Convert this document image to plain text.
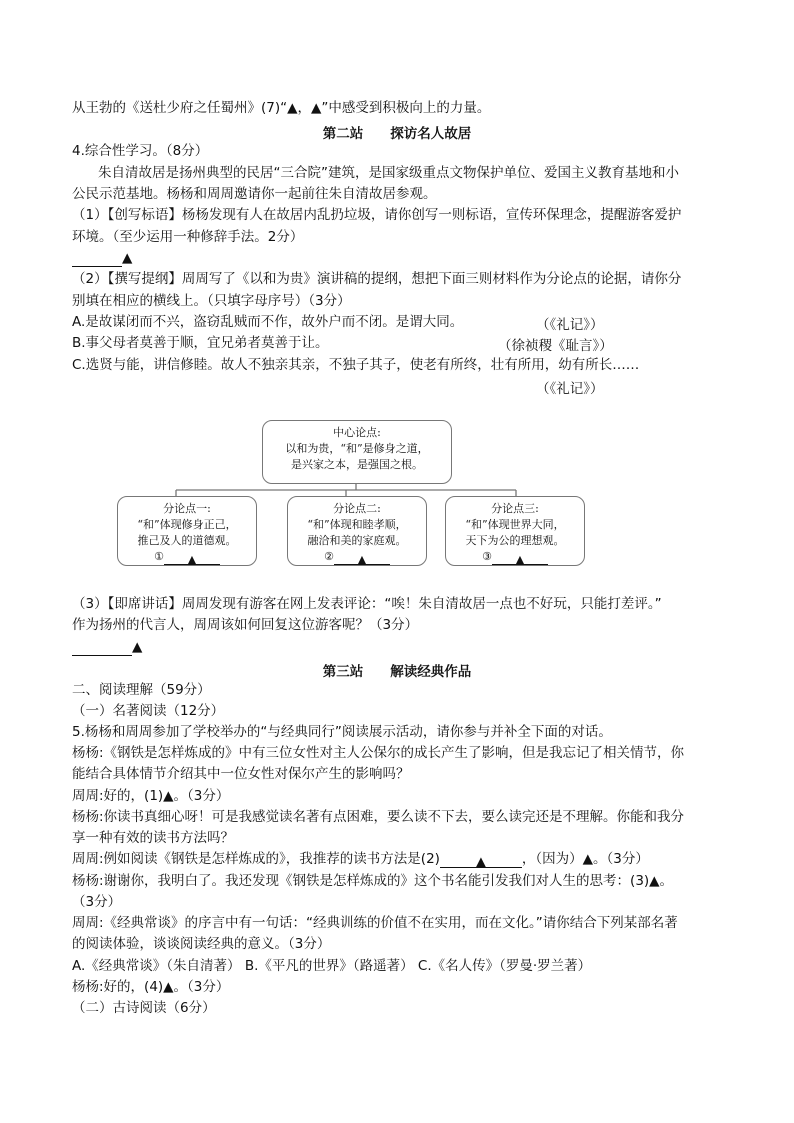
从王勃的《送杜少府之任蜀州》(7)“▲，▲”中感受到积极向上的力量。
第二站　　探访名人故居
4.综合性学习。（8分）
朱自清故居是扬州典型的民居“三合院”建筑，是国家级重点文物保护单位、爱国主义教育基地和小
公民示范基地。杨杨和周周邀请你一起前往朱自清故居参观。
（1）【创写标语】杨杨发现有人在故居内乱扔垃圾，请你创写一则标语，宣传环保理念，提醒游客爱护
环境。（至少运用一种修辞手法。2分）
▲
（2）【撰写提纲】周周写了《以和为贵》演讲稿的提纲，想把下面三则材料作为分论点的论据，请你分
别填在相应的横线上。（只填字母序号）（3分）
A.是故谋闭而不兴，盗窃乱贼而不作，故外户而不闭。是谓大同。	（《礼记》）
B.事父母者莫善于顺，宜兄弟者莫善于让。	（徐祯稷《耻言》）
C.选贤与能，讲信修睦。故人不独亲其亲，不独子其子，使老有所终，壮有所用，幼有所长……
（《礼记》）
中心论点:
以和为贵，“和”是修身之道，
是兴家之本，是强国之根。
分论点一:
“和”体现修身正己，
推己及人的道德观。
① ▲
分论点二:
“和”体现和睦孝顺，
融洽和美的家庭观。
② ▲
分论点三:
“和”体现世界大同，
天下为公的理想观。
③ ▲
（3）【即席讲话】周周发现有游客在网上发表评论：“唉！朱自清故居一点也不好玩，只能打差评。”
作为扬州的代言人，周周该如何回复这位游客呢？（3分）
▲
第三站　　解读经典作品
二、阅读理解（59分）
（一）名著阅读（12分）
5.杨杨和周周参加了学校举办的“与经典同行”阅读展示活动，请你参与并补全下面的对话。
杨杨:《钢铁是怎样炼成的》中有三位女性对主人公保尔的成长产生了影响，但是我忘记了相关情节，你
能结合具体情节介绍其中一位女性对保尔产生的影响吗？
周周:好的，(1)▲。（3分）
杨杨:你读书真细心呀！可是我感觉读名著有点困难，要么读不下去，要么读完还是不理解。你能和我分
享一种有效的读书方法吗？
周周:例如阅读《钢铁是怎样炼成的》，我推荐的读书方法是(2)	▲	，（因为）▲。（3分）
杨杨:谢谢你，我明白了。我还发现《钢铁是怎样炼成的》这个书名能引发我们对人生的思考：(3)▲。
（3分）
周周:《经典常谈》的序言中有一句话：“经典训练的价值不在实用，而在文化。”请你结合下列某部名著
的阅读体验，谈谈阅读经典的意义。（3分）
A.《经典常谈》（朱自清著） B.《平凡的世界》（路遥著） C.《名人传》（罗曼·罗兰著）
杨杨:好的，(4)▲。（3分）
（二）古诗阅读（6分）
